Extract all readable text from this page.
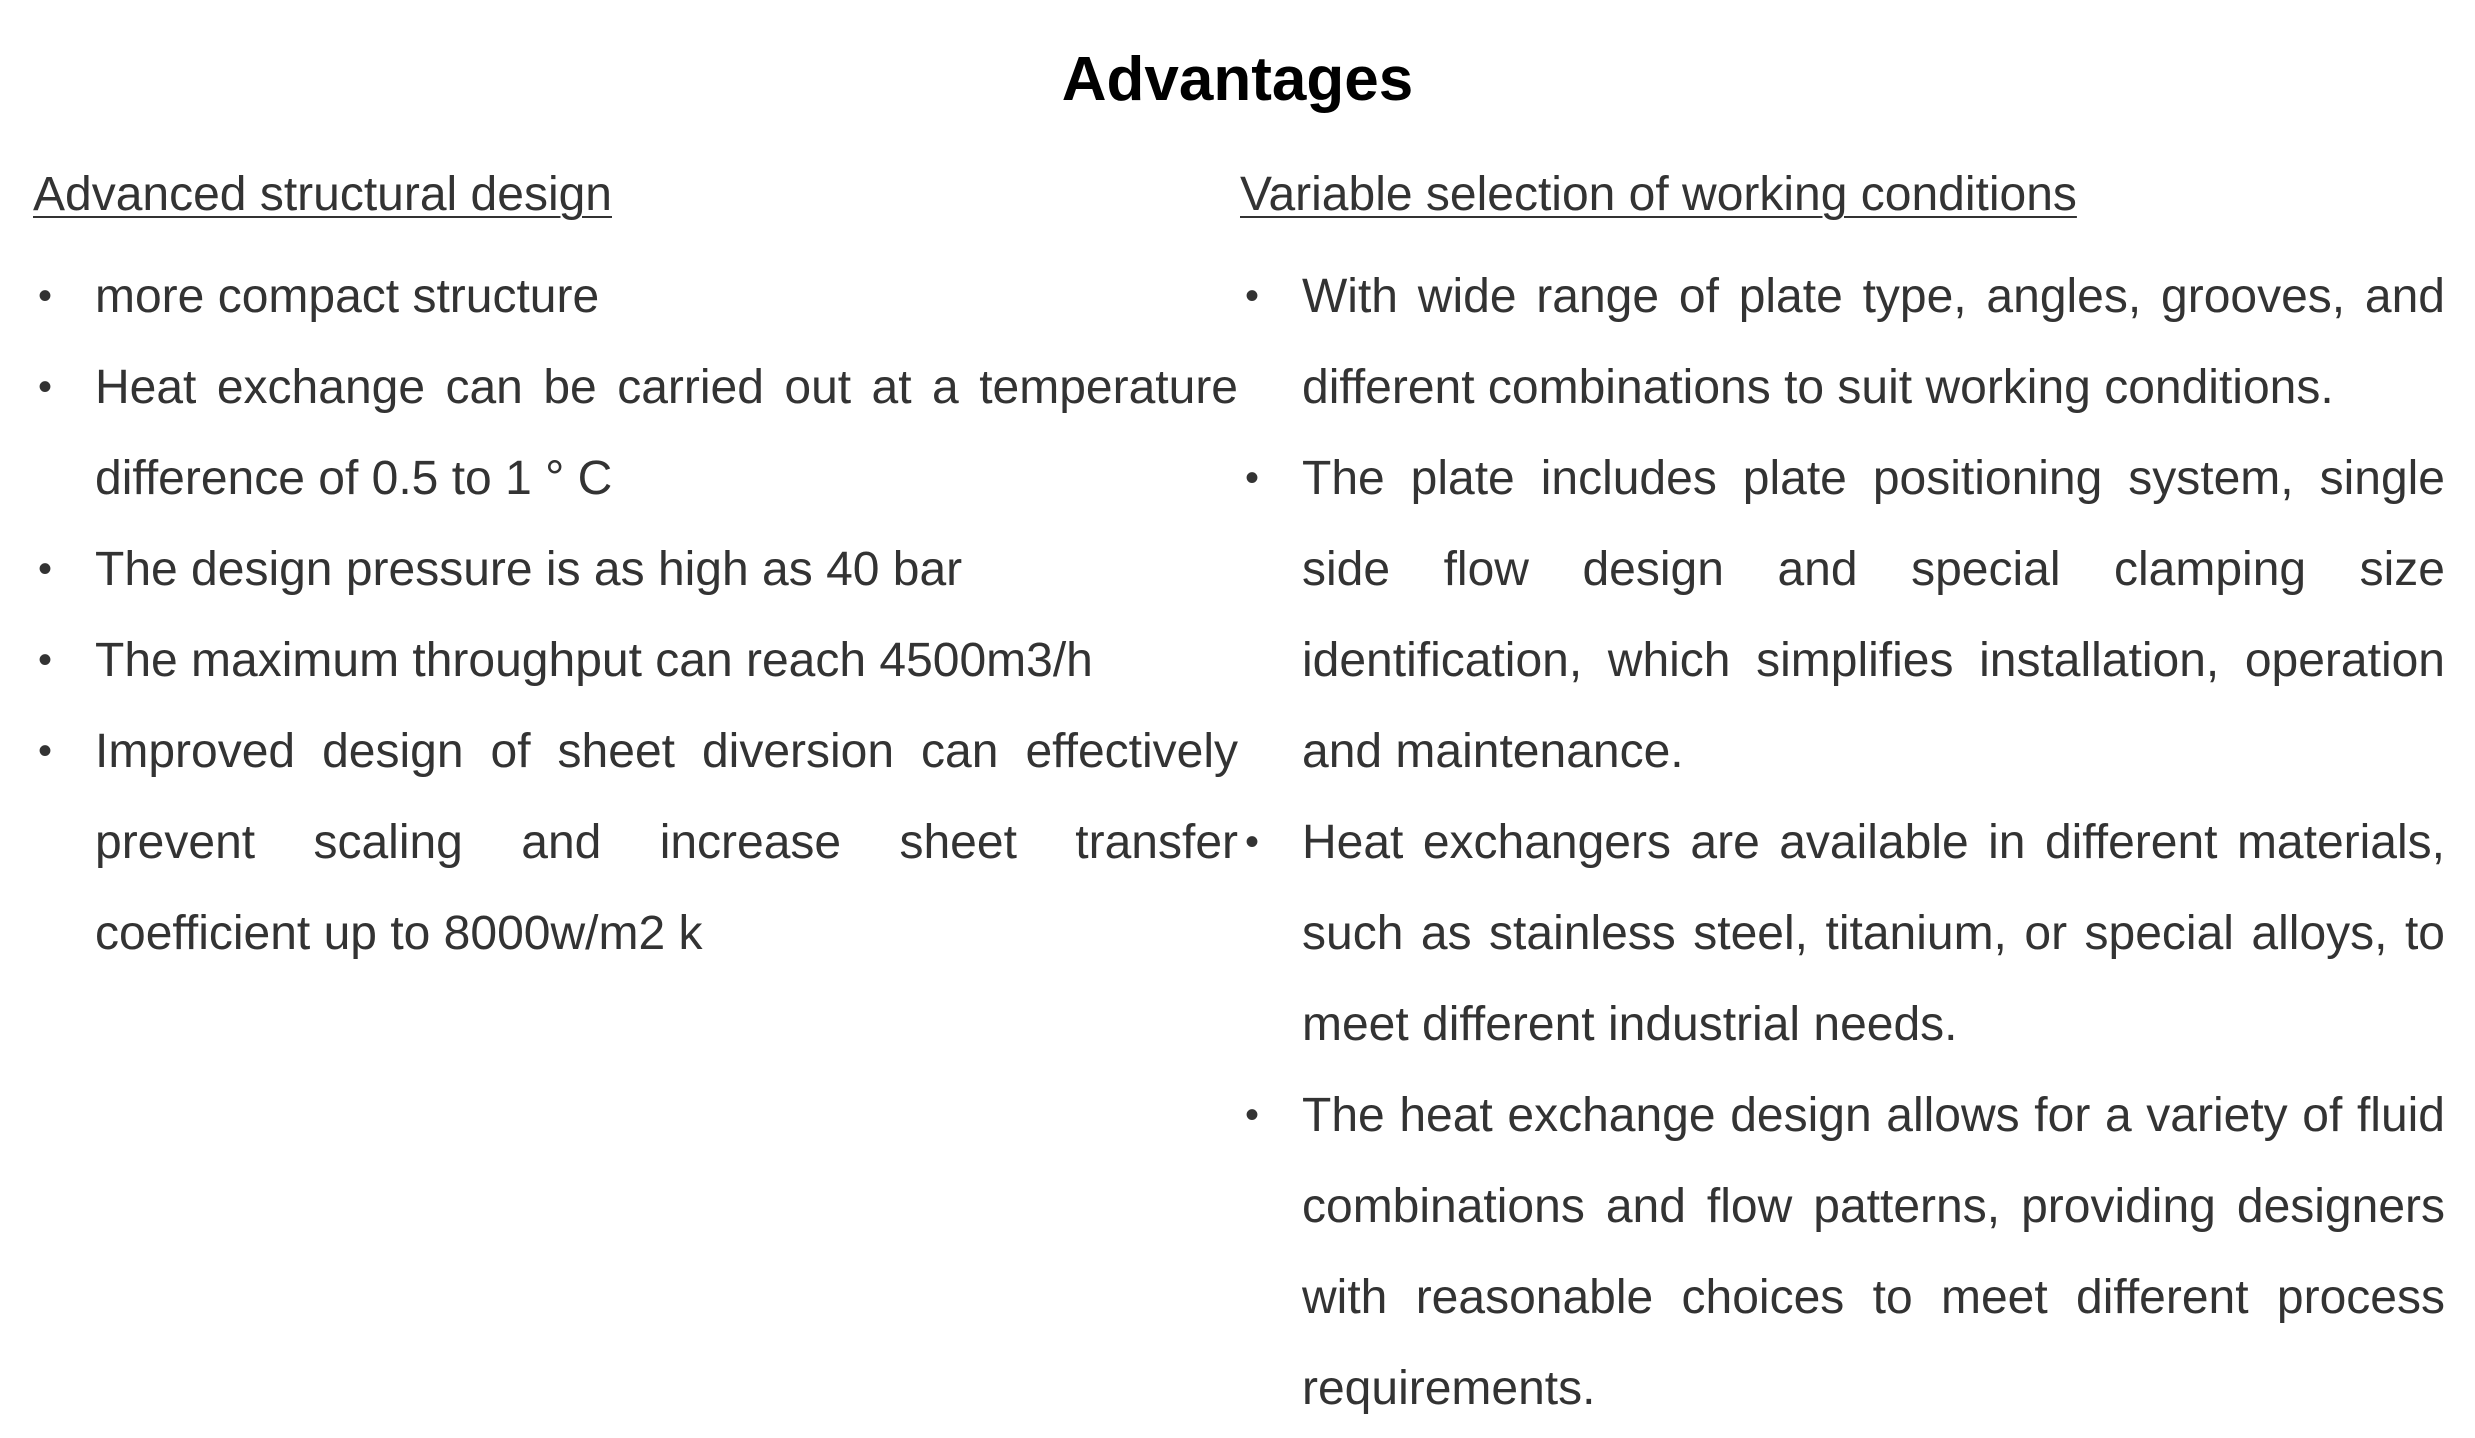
Advantages
Advanced structural design
• more compact structure
• Heat exchange can be carried out at a temperature difference of 0.5 to 1 ° C
• The design pressure is as high as 40 bar
• The maximum throughput can reach 4500m3/h
• Improved design of sheet diversion can effectively prevent scaling and increase sheet transfer coefficient up to 8000w/m2 k
Variable selection of working conditions
• With wide range of plate type, angles, grooves, and different combinations to suit working conditions.
• The plate includes plate positioning system, single side flow design and special clamping size identification, which simplifies installation, operation and maintenance.
• Heat exchangers are available in different materials, such as stainless steel, titanium, or special alloys, to meet different industrial needs.
• The heat exchange design allows for a variety of fluid combinations and flow patterns, providing designers with reasonable choices to meet different process requirements.
